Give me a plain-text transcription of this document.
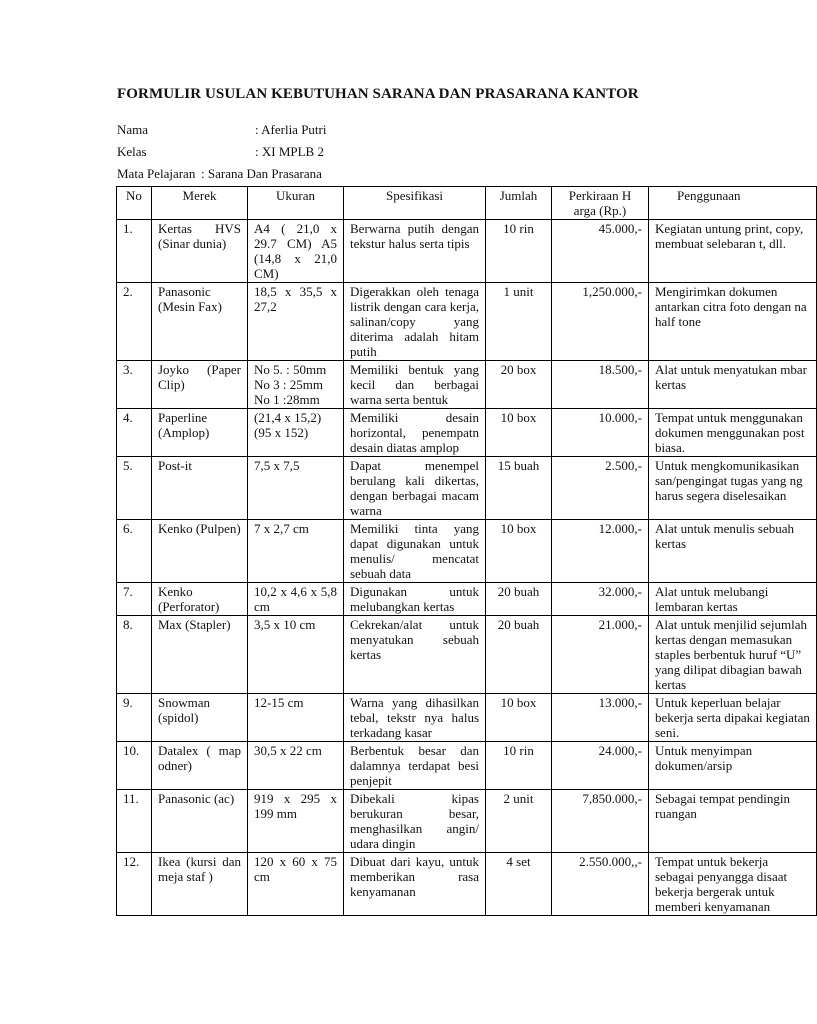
FORMULIR USULAN KEBUTUHAN SARANA DAN PRASARANA KANTOR
Nama	: Aferlia Putri
Kelas	: XI MPLB 2
Mata Pelajaran : Sarana Dan Prasarana
No	Merek	Ukuran	Spesifikasi	Jumlah	Perkiraan H arga (Rp.)	Penggunaan
1.	Kertas HVS (Sinar dunia)	A4 ( 21,0 x 29.7 CM) A5 (14,8 x 21,0 CM)	Berwarna putih dengan tekstur halus serta tipis	10 rin	45.000,-	Kegiatan untung print, copy, membuat selebaran t, dll.
2.	Panasonic (Mesin Fax)	18,5 x 35,5 x 27,2	Digerakkan oleh tenaga listrik dengan cara kerja, salinan/copy yang diterima adalah hitam putih	1 unit	1,250.000,-	Mengirimkan dokumen antarkan citra foto dengan na half tone
3.	Joyko (Paper Clip)	No 5. : 50mm No 3 : 25mm No 1 :28mm	Memiliki bentuk yang kecil dan berbagai warna serta bentuk	20 box	18.500,-	Alat untuk menyatukan mbar kertas
4.	Paperline (Amplop)	(21,4 x 15,2) (95 x 152)	Memiliki desain horizontal, penempatn desain diatas amplop	10 box	10.000,-	Tempat untuk menggunakan dokumen menggunakan post biasa.
5.	Post-it	7,5 x 7,5	Dapat menempel berulang kali dikertas, dengan berbagai macam warna	15 buah	2.500,-	Untuk mengkomunikasikan san/pengingat tugas yang ng harus segera diselesaikan
6.	Kenko (Pulpen)	7 x 2,7 cm	Memiliki tinta yang dapat digunakan untuk menulis/ mencatat sebuah data	10 box	12.000,-	Alat untuk menulis sebuah kertas
7.	Kenko (Perforator)	10,2 x 4,6 x 5,8 cm	Digunakan untuk melubangkan kertas	20 buah	32.000,-	Alat untuk melubangi lembaran kertas
8.	Max (Stapler)	3,5 x 10 cm	Cekrekan/alat untuk menyatukan sebuah kertas	20 buah	21.000,-	Alat untuk menjilid sejumlah kertas dengan memasukan staples berbentuk huruf “U” yang dilipat dibagian bawah kertas
9.	Snowman (spidol)	12-15 cm	Warna yang dihasilkan tebal, tekstr nya halus terkadang kasar	10 box	13.000,-	Untuk keperluan belajar bekerja serta dipakai kegiatan seni.
10.	Datalex ( map odner)	30,5 x 22 cm	Berbentuk besar dan dalamnya terdapat besi penjepit	10 rin	24.000,-	Untuk menyimpan dokumen/arsip
11.	Panasonic (ac)	919 x 295 x 199 mm	Dibekali kipas berukuran besar, menghasilkan angin/ udara dingin	2 unit	7,850.000,-	Sebagai tempat pendingin ruangan
12.	Ikea (kursi dan meja staf )	120 x 60 x 75 cm	Dibuat dari kayu, untuk memberikan rasa kenyamanan	4 set	2.550.000,,-	Tempat untuk bekerja sebagai penyangga disaat bekerja bergerak untuk memberi kenyamanan
